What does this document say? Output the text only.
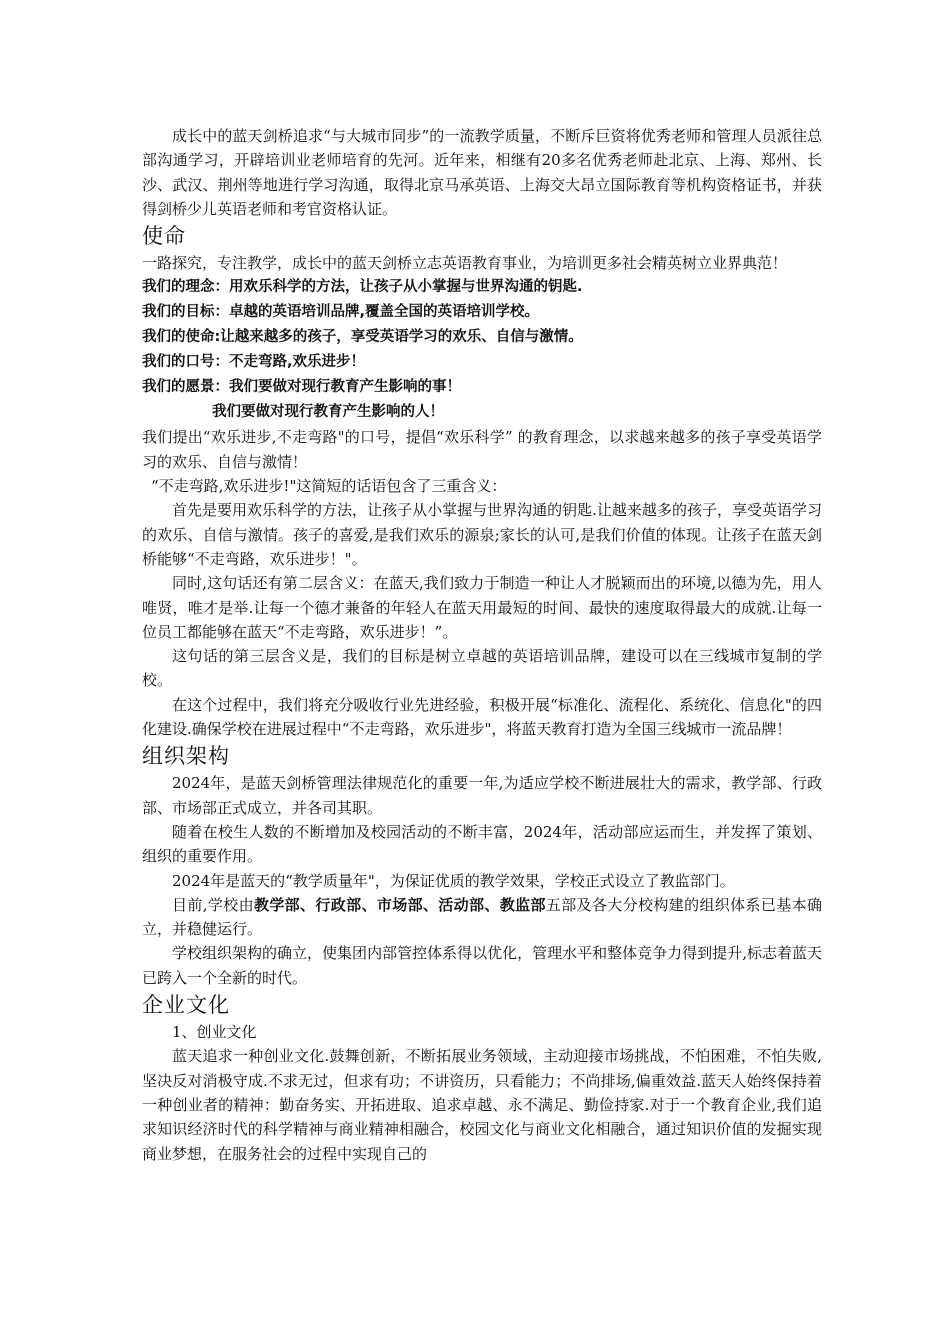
成长中的蓝天剑桥追求“与大城市同步”的一流教学质量，不断斥巨资将优秀老师和管理人员派往总部沟通学习，开辟培训业老师培育的先河。近年来，相继有20多名优秀老师赴北京、上海、郑州、长沙、武汉、荆州等地进行学习沟通，取得北京马承英语、上海交大昂立国际教育等机构资格证书，并获得剑桥少儿英语老师和考官资格认证。

使命

一路探究，专注教学，成长中的蓝天剑桥立志英语教育事业，为培训更多社会精英树立业界典范！

我们的理念：用欢乐科学的方法，让孩子从小掌握与世界沟通的钥匙.
我们的目标：卓越的英语培训品牌,覆盖全国的英语培训学校。
我们的使命:让越来越多的孩子，享受英语学习的欢乐、自信与激情。
我们的口号：不走弯路,欢乐进步！
我们的愿景：我们要做对现行教育产生影响的事！
我们要做对现行教育产生影响的人！

我们提出“欢乐进步,不走弯路"的口号，提倡“欢乐科学” 的教育理念，以求越来越多的孩子享受英语学习的欢乐、自信与激情！

“不走弯路,欢乐进步!"这简短的话语包含了三重含义：

首先是要用欢乐科学的方法，让孩子从小掌握与世界沟通的钥匙.让越来越多的孩子，享受英语学习的欢乐、自信与激情。孩子的喜爱,是我们欢乐的源泉;家长的认可,是我们价值的体现。让孩子在蓝天剑桥能够“不走弯路，欢乐进步！"。

同时,这句话还有第二层含义：在蓝天,我们致力于制造一种让人才脱颖而出的环境,以德为先，用人唯贤，唯才是举.让每一个德才兼备的年轻人在蓝天用最短的时间、最快的速度取得最大的成就.让每一位员工都能够在蓝天“不走弯路，欢乐进步！”。

这句话的第三层含义是，我们的目标是树立卓越的英语培训品牌，建设可以在三线城市复制的学校。

在这个过程中，我们将充分吸收行业先进经验，积极开展“标准化、流程化、系统化、信息化"的四化建设.确保学校在进展过程中“不走弯路，欢乐进步"，将蓝天教育打造为全国三线城市一流品牌！

组织架构

2024年，是蓝天剑桥管理法律规范化的重要一年,为适应学校不断进展壮大的需求，教学部、行政部、市场部正式成立，并各司其职。

随着在校生人数的不断增加及校园活动的不断丰富，2024年，活动部应运而生，并发挥了策划、组织的重要作用。

2024年是蓝天的“教学质量年"，为保证优质的教学效果，学校正式设立了教监部门。

目前,学校由教学部、行政部、市场部、活动部、教监部五部及各大分校构建的组织体系已基本确立，并稳健运行。

学校组织架构的确立，使集团内部管控体系得以优化，管理水平和整体竞争力得到提升,标志着蓝天已跨入一个全新的时代。

企业文化

1、创业文化

蓝天追求一种创业文化.鼓舞创新，不断拓展业务领域，主动迎接市场挑战，不怕困难，不怕失败,坚决反对消极守成.不求无过，但求有功；不讲资历，只看能力；不尚排场,偏重效益.蓝天人始终保持着一种创业者的精神：勤奋务实、开拓进取、追求卓越、永不满足、勤俭持家.对于一个教育企业,我们追求知识经济时代的科学精神与商业精神相融合，校园文化与商业文化相融合，通过知识价值的发掘实现商业梦想，在服务社会的过程中实现自己的
